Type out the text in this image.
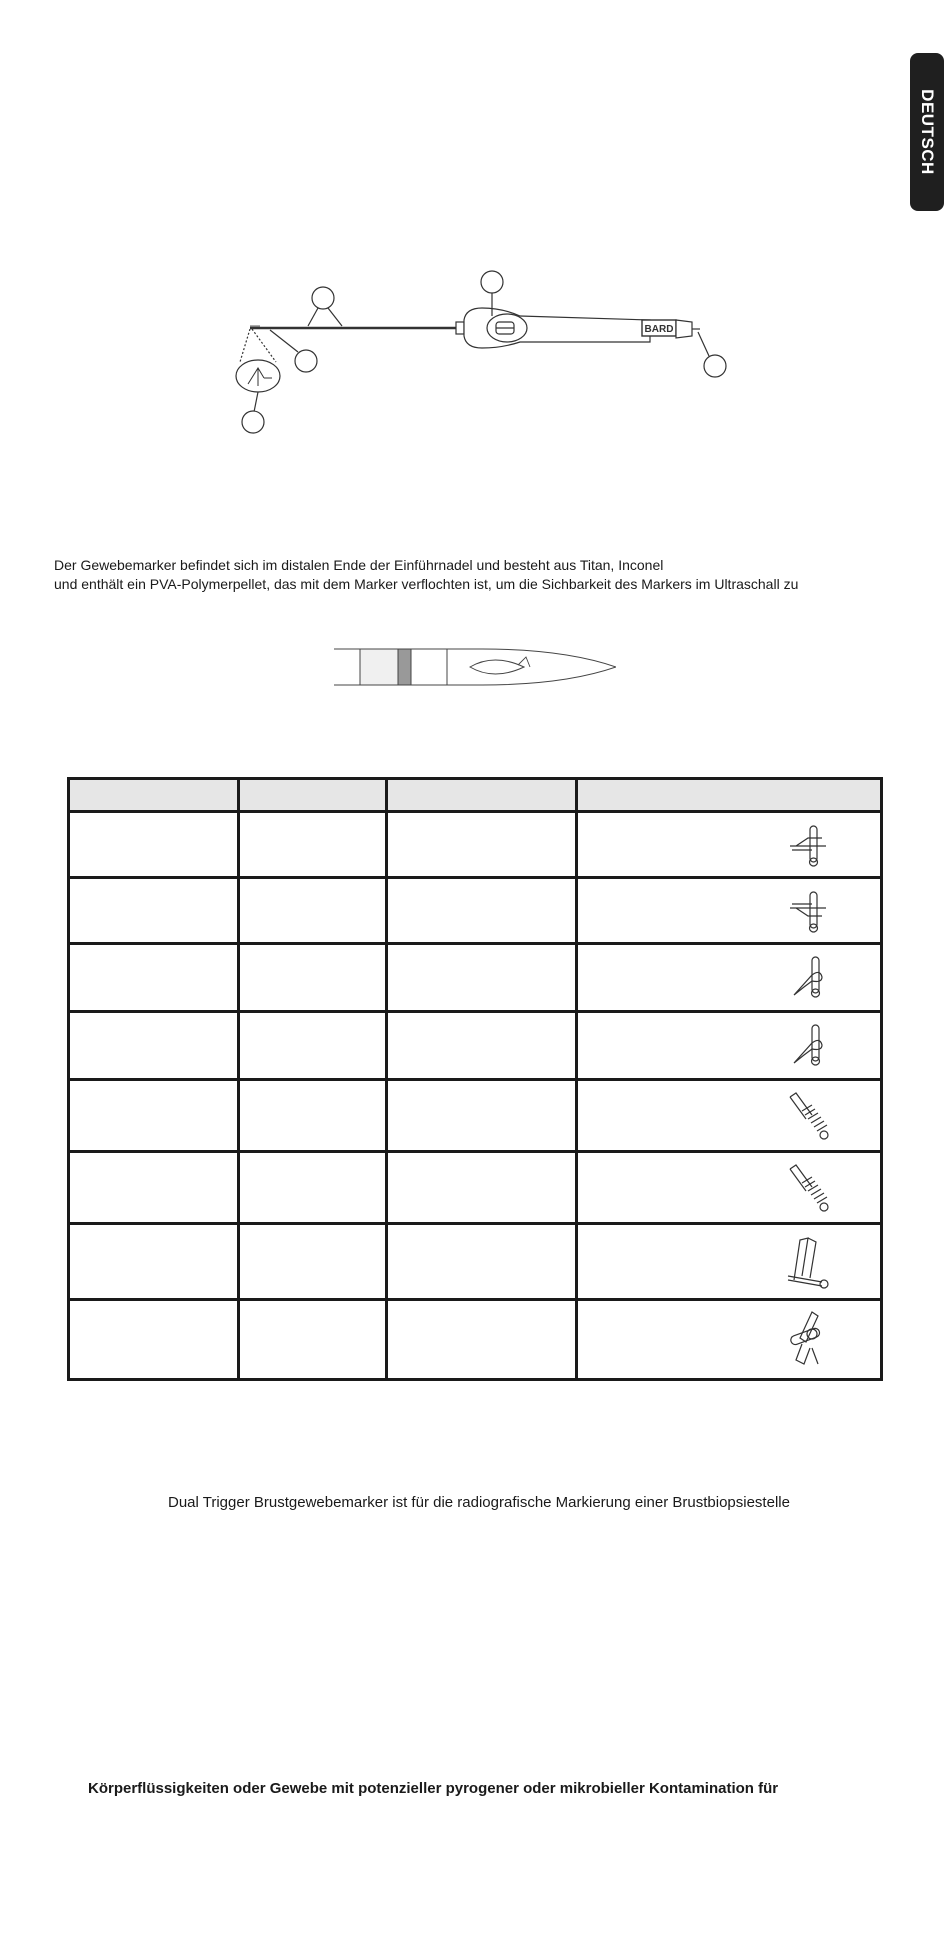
DEUTSCH
BARD
Der Gewebemarker befindet sich im distalen Ende der Einführnadel und besteht aus Titan, Inconel
und enthält ein PVA-Polymerpellet, das mit dem Marker verflochten ist, um die Sichbarkeit des Markers im Ultraschall zu

Dual Trigger Brustgewebemarker ist für die radiografische Markierung einer Brustbiopsiestelle
Körperflüssigkeiten oder Gewebe mit potenzieller pyrogener oder mikrobieller Kontamination für
